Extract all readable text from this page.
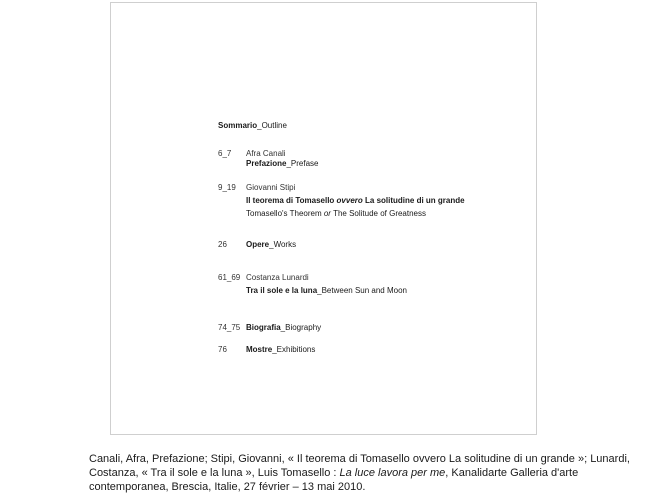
Sommario_Outline
6_7	Afra Canali
Prefazione_Prefase
9_19	Giovanni Stipi
Il teorema di Tomasello ovvero La solitudine di un grande
Tomasello's Theorem or The Solitude of Greatness
26	Opere_Works
61_69 Costanza Lunardi
Tra il sole e la luna_Between Sun and Moon
74_75 Biografia_Biography
76	Mostre_Exhibitions
Canali, Afra, Prefazione; Stipi, Giovanni, « Il teorema di Tomasello ovvero La solitudine di un grande »; Lunardi, Costanza, « Tra il sole e la luna », Luis Tomasello : La luce lavora per me, Kanalidarte Galleria d'arte contemporanea, Brescia, Italie, 27 février – 13 mai 2010.
